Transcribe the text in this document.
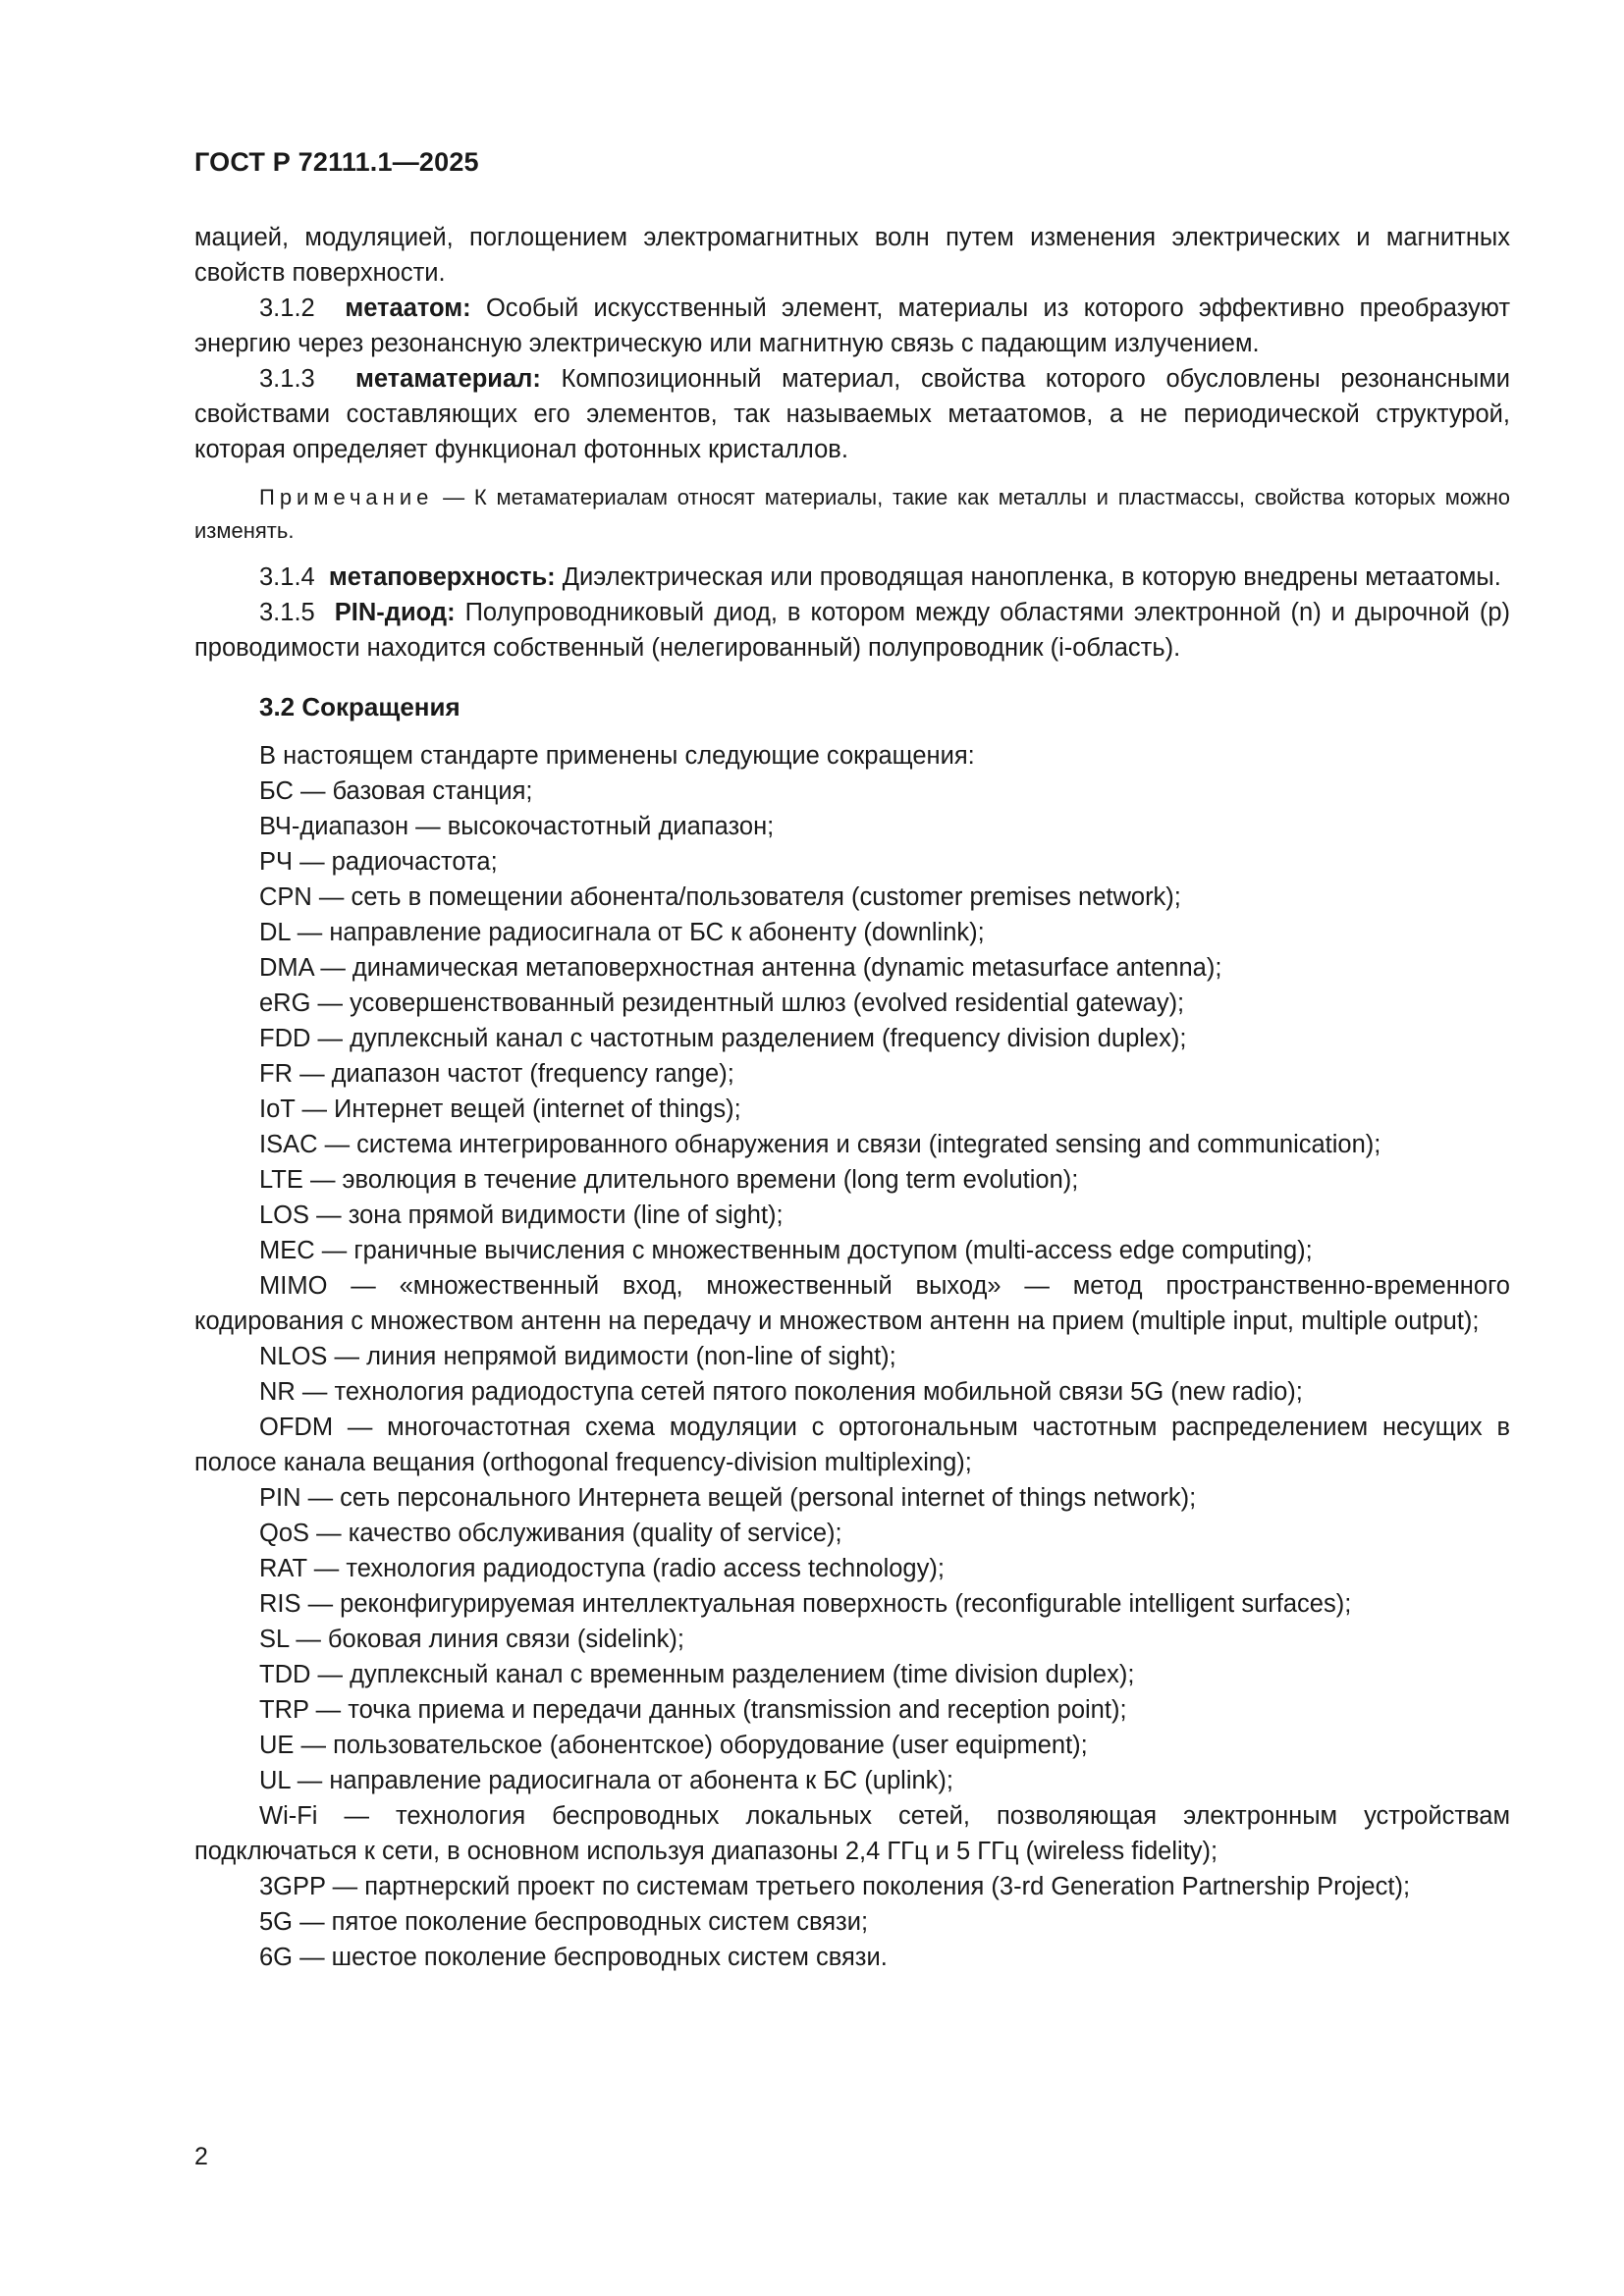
ГОСТ Р 72111.1—2025

мацией, модуляцией, поглощением электромагнитных волн путем изменения электрических и магнитных свойств поверхности.

3.1.2 метаатом: Особый искусственный элемент, материалы из которого эффективно преобразуют энергию через резонансную электрическую или магнитную связь с падающим излучением.

3.1.3 метаматериал: Композиционный материал, свойства которого обусловлены резонансными свойствами составляющих его элементов, так называемых метаатомов, а не периодической структурой, которая определяет функционал фотонных кристаллов.

Примечание — К метаматериалам относят материалы, такие как металлы и пластмассы, свойства которых можно изменять.

3.1.4 метаповерхность: Диэлектрическая или проводящая нанопленка, в которую внедрены метаатомы.

3.1.5 PIN-диод: Полупроводниковый диод, в котором между областями электронной (n) и дырочной (p) проводимости находится собственный (нелегированный) полупроводник (i-область).

3.2 Сокращения

В настоящем стандарте применены следующие сокращения:

БС — базовая станция;

ВЧ-диапазон — высокочастотный диапазон;

РЧ — радиочастота;

CPN — сеть в помещении абонента/пользователя (customer premises network);

DL — направление радиосигнала от БС к абоненту (downlink);

DMA — динамическая метаповерхностная антенна (dynamic metasurface antenna);

eRG — усовершенствованный резидентный шлюз (evolved residential gateway);

FDD — дуплексный канал с частотным разделением (frequency division duplex);

FR — диапазон частот (frequency range);

IoT — Интернет вещей (internet of things);

ISAC — система интегрированного обнаружения и связи (integrated sensing and communication);

LTE — эволюция в течение длительного времени (long term evolution);

LOS — зона прямой видимости (line of sight);

MEC — граничные вычисления с множественным доступом (multi-access edge computing);

MIMO — «множественный вход, множественный выход» — метод пространственно-временного кодирования с множеством антенн на передачу и множеством антенн на прием (multiple input, multiple output);

NLOS — линия непрямой видимости (non-line of sight);

NR — технология радиодоступа сетей пятого поколения мобильной связи 5G (new radio);

OFDM — многочастотная схема модуляции с ортогональным частотным распределением несущих в полосе канала вещания (orthogonal frequency-division multiplexing);

PIN — сеть персонального Интернета вещей (personal internet of things network);

QoS — качество обслуживания (quality of service);

RAT — технология радиодоступа (radio access technology);

RIS — реконфигурируемая интеллектуальная поверхность (reconfigurable intelligent surfaces);

SL — боковая линия связи (sidelink);

TDD — дуплексный канал с временным разделением (time division duplex);

TRP — точка приема и передачи данных (transmission and reception point);

UE — пользовательское (абонентское) оборудование (user equipment);

UL — направление радиосигнала от абонента к БС (uplink);

Wi-Fi — технология беспроводных локальных сетей, позволяющая электронным устройствам подключаться к сети, в основном используя диапазоны 2,4 ГГц и 5 ГГц (wireless fidelity);

3GPP — партнерский проект по системам третьего поколения (3-rd Generation Partnership Project);

5G — пятое поколение беспроводных систем связи;

6G — шестое поколение беспроводных систем связи.

2
